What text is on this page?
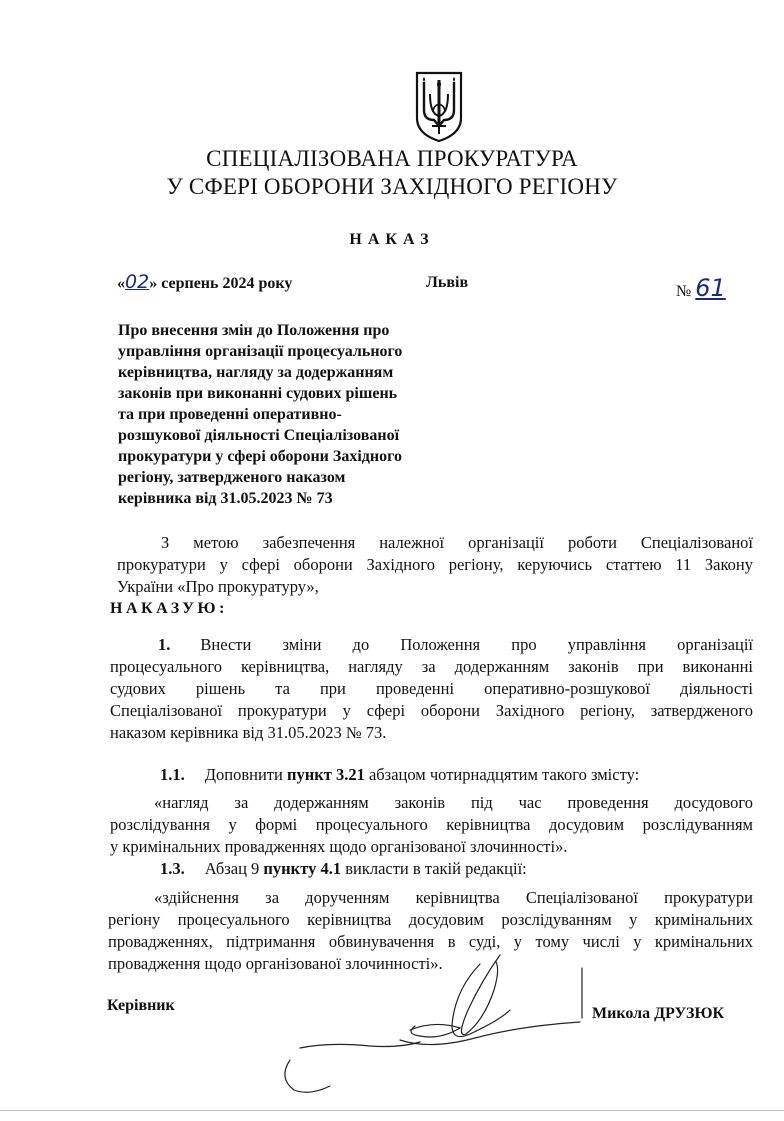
СПЕЦІАЛІЗОВАНА ПРОКУРАТУРА
У СФЕРІ ОБОРОНИ ЗАХІДНОГО РЕГІОНУ
НАКАЗ
«02» серпень 2024 року	Львів
№ 61
Про внесення змін до Положення про
управління організації процесуального
керівництва, нагляду за додержанням
законів при виконанні судових рішень
та при проведенні оперативно-
розшукової діяльності Спеціалізованої
прокуратури у сфері оборони Західного
регіону, затвердженого наказом
керівника від 31.05.2023 № 73
З метою забезпечення належної організації роботи Спеціалізованої
прокуратури у сфері оборони Західного регіону, керуючись статтею 11 Закону
України «Про прокуратуру»,
НАКАЗУЮ:
1. Внести зміни до Положення про управління організації
процесуального керівництва, нагляду за додержанням законів при виконанні
судових рішень та при проведенні оперативно-розшукової діяльності
Спеціалізованої прокуратури у сфері оборони Західного регіону, затвердженого
наказом керівника від 31.05.2023 № 73.
1.1. Доповнити пункт 3.21 абзацом чотирнадцятим такого змісту:
«нагляд за додержанням законів під час проведення досудового
розслідування у формі процесуального керівництва досудовим розслідуванням
у кримінальних провадженнях щодо організованої злочинності».
1.3. Абзац 9 пункту 4.1 викласти в такій редакції:
«здійснення за дорученням керівництва Спеціалізованої прокуратури
регіону процесуального керівництва досудовим розслідуванням у кримінальних
провадженнях, підтримання обвинувачення в суді, у тому числі у кримінальних
провадження щодо організованої злочинності».
Керівник	Микола ДРУЗЮК
